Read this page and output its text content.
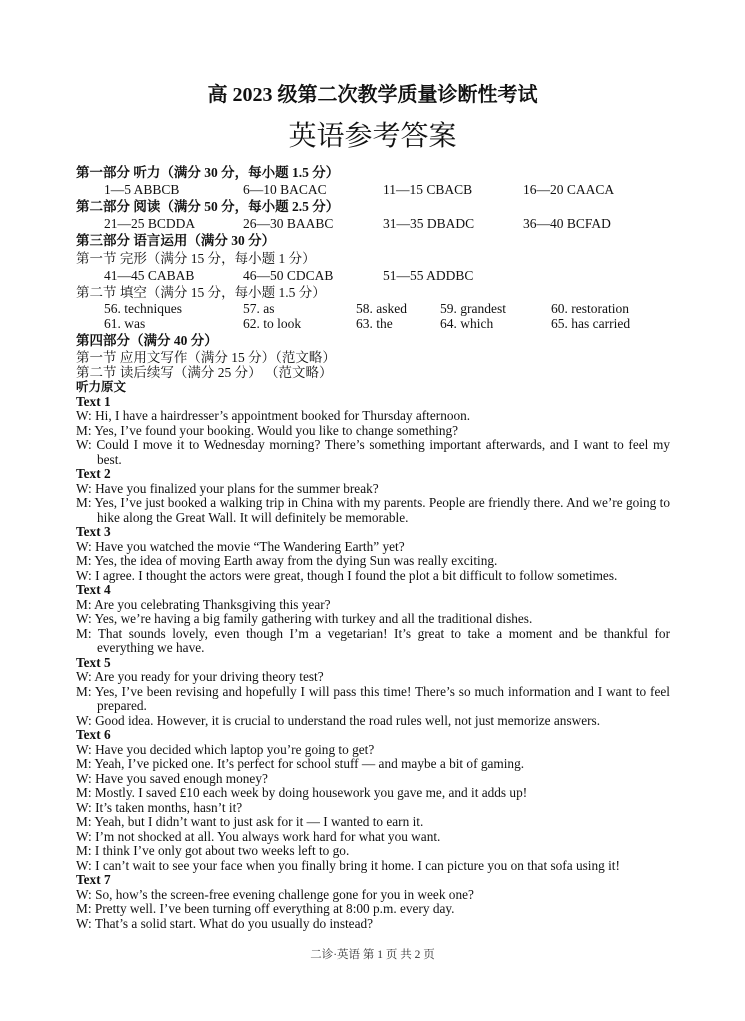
高 2023 级第二次教学质量诊断性考试
英语参考答案
第一部分 听力（满分 30 分，每小题 1.5 分）
1—5 ABBCB	6—10 BACAC	11—15 CBACB	16—20 CAACA
第二部分 阅读（满分 50 分，每小题 2.5 分）
21—25 BCDDA	26—30 BAABC	31—35 DBADC	36—40 BCFAD
第三部分 语言运用（满分 30 分）
第一节 完形（满分 15 分，每小题 1 分）
41—45 CABAB	46—50 CDCAB	51—55 ADDBC
第二节 填空（满分 15 分，每小题 1.5 分）
56. techniques	57. as	58. asked 59. grandest	60. restoration
61. was	62. to look	63. the	64. which	65. has carried
第四部分（满分 40 分）
第一节 应用文写作（满分 15 分）（范文略）
第二节 读后续写（满分 25 分） （范文略）
听力原文
Text 1
W: Hi, I have a hairdresser’s appointment booked for Thursday afternoon.
M: Yes, I’ve found your booking. Would you like to change something?
W: Could I move it to Wednesday morning? There’s something important afterwards, and I want to feel my best.
Text 2
W: Have you finalized your plans for the summer break?
M: Yes, I’ve just booked a walking trip in China with my parents. People are friendly there. And we’re going to hike along the Great Wall. It will definitely be memorable.
Text 3
W: Have you watched the movie “The Wandering Earth” yet?
M: Yes, the idea of moving Earth away from the dying Sun was really exciting.
W: I agree. I thought the actors were great, though I found the plot a bit difficult to follow sometimes.
Text 4
M: Are you celebrating Thanksgiving this year?
W: Yes, we’re having a big family gathering with turkey and all the traditional dishes.
M: That sounds lovely, even though I’m a vegetarian! It’s great to take a moment and be thankful for everything we have.
Text 5
W: Are you ready for your driving theory test?
M: Yes, I’ve been revising and hopefully I will pass this time! There’s so much information and I want to feel prepared.
W: Good idea. However, it is crucial to understand the road rules well, not just memorize answers.
Text 6
W: Have you decided which laptop you’re going to get?
M: Yeah, I’ve picked one. It’s perfect for school stuff — and maybe a bit of gaming.
W: Have you saved enough money?
M: Mostly. I saved £10 each week by doing housework you gave me, and it adds up!
W: It’s taken months, hasn’t it?
M: Yeah, but I didn’t want to just ask for it — I wanted to earn it.
W: I’m not shocked at all. You always work hard for what you want.
M: I think I’ve only got about two weeks left to go.
W: I can’t wait to see your face when you finally bring it home. I can picture you on that sofa using it!
Text 7
W: So, how’s the screen-free evening challenge gone for you in week one?
M: Pretty well. I’ve been turning off everything at 8:00 p.m. every day.
W: That’s a solid start. What do you usually do instead?
二诊·英语 第 1 页 共 2 页
